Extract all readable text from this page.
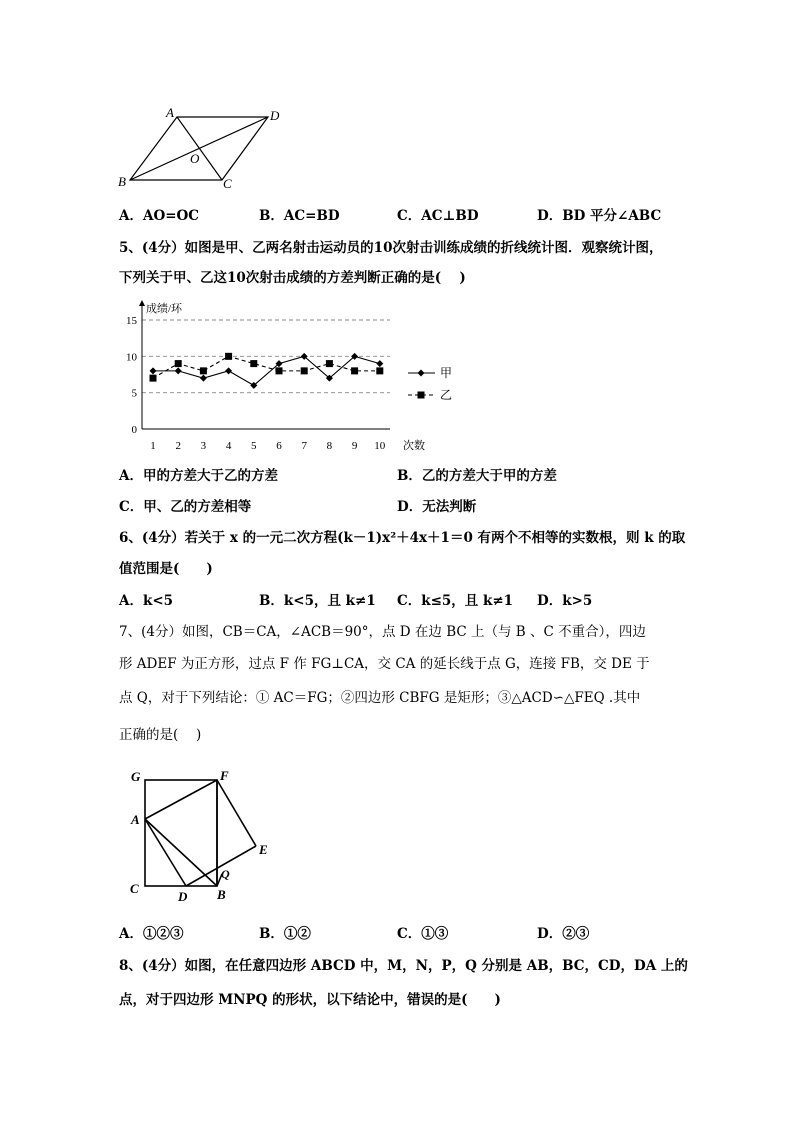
A	D
O
B	C
A．AO=OC	B．AC=BD	C．AC⊥BD	D．BD 平分∠ABC
5、(4分）如图是甲、乙两名射击运动员的10次射击训练成绩的折线统计图．观察统计图，
下列关于甲、乙这10次射击成绩的方差判断正确的是(　 )
成绩/环
0
5
10
15
1 2 3 4 5 6 7 8 9 10 次数
甲
乙
A．甲的方差大于乙的方差	B．乙的方差大于甲的方差
C．甲、乙的方差相等	D．无法判断
6、(4分）若关于 x 的一元二次方程(k－1)x²＋4x＋1＝0 有两个不相等的实数根，则 k 的取
值范围是(　　)
A．k<5	B．k<5，且 k≠1 C．k≤5，且 k≠1 D．k>5
7、(4分）如图，CB＝CA，∠ACB＝90°，点 D 在边 BC 上（与 B 、C 不重合），四边
形 ADEF 为正方形，过点 F 作 FG⊥CA，交 CA 的延长线于点 G，连接 FB，交 DE 于
点 Q，对于下列结论：① AC＝FG；②四边形 CBFG 是矩形；③△ACD∽△FEQ .其中
正确的是(　 )
G	F
A
E
Q
C	B
D
A．①②③	B．①②	C．①③	D．②③
8、(4分）如图，在任意四边形 ABCD 中，M，N，P，Q 分别是 AB，BC，CD，DA 上的
点，对于四边形 MNPQ 的形状，以下结论中，错误的是(　　)
